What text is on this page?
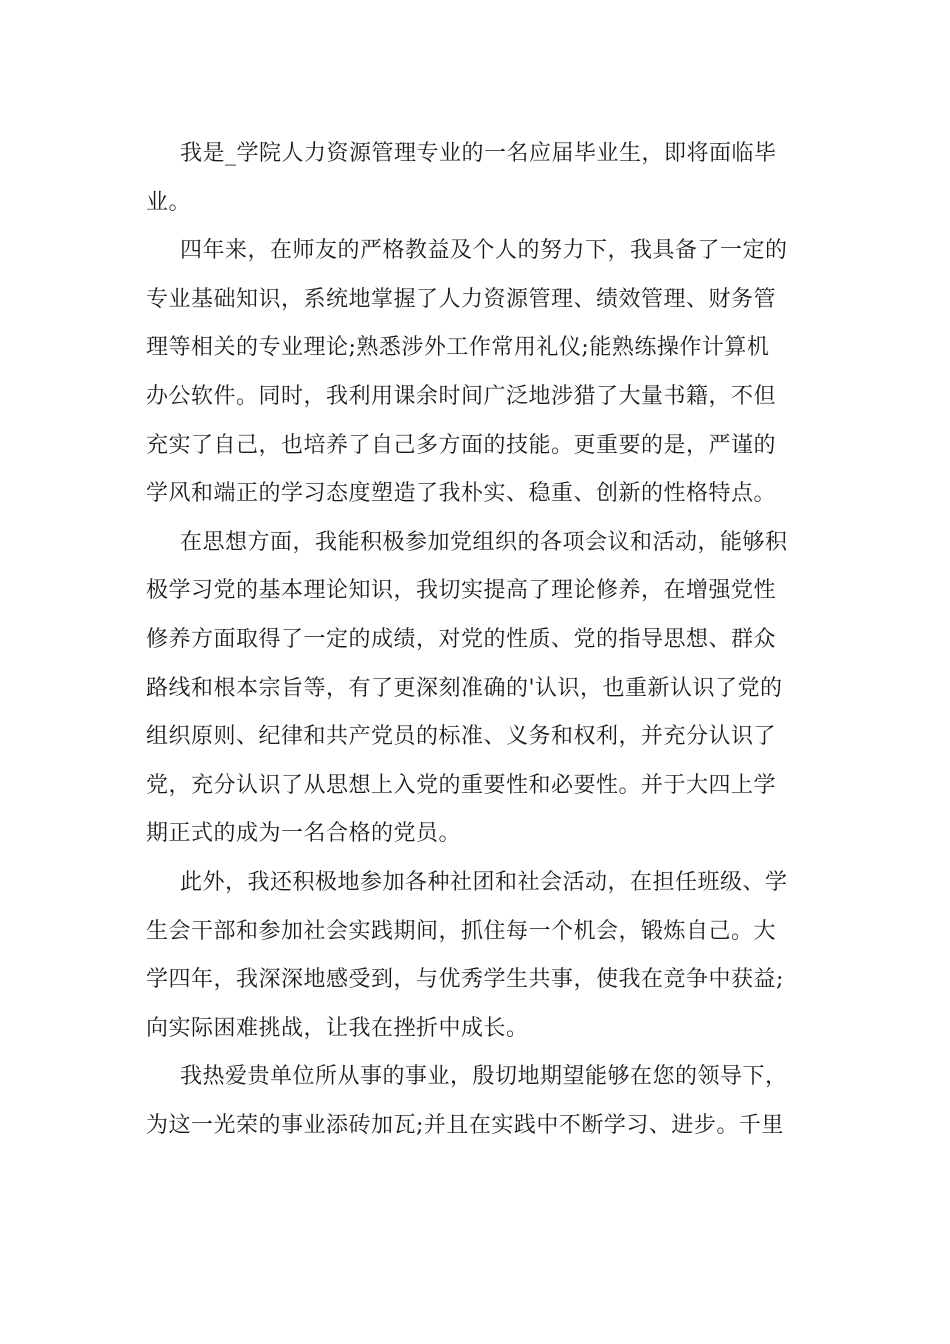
我是_学院人力资源管理专业的一名应届毕业生，即将面临毕
业。

四年来，在师友的严格教益及个人的努力下，我具备了一定的
专业基础知识，系统地掌握了人力资源管理、绩效管理、财务管
理等相关的专业理论;熟悉涉外工作常用礼仪;能熟练操作计算机
办公软件。同时，我利用课余时间广泛地涉猎了大量书籍，不但
充实了自己，也培养了自己多方面的技能。更重要的是，严谨的
学风和端正的学习态度塑造了我朴实、稳重、创新的性格特点。

在思想方面，我能积极参加党组织的各项会议和活动，能够积
极学习党的基本理论知识，我切实提高了理论修养，在增强党性
修养方面取得了一定的成绩，对党的性质、党的指导思想、群众
路线和根本宗旨等，有了更深刻准确的'认识，也重新认识了党的
组织原则、纪律和共产党员的标准、义务和权利，并充分认识了
党，充分认识了从思想上入党的重要性和必要性。并于大四上学
期正式的成为一名合格的党员。

此外，我还积极地参加各种社团和社会活动，在担任班级、学
生会干部和参加社会实践期间，抓住每一个机会，锻炼自己。大
学四年，我深深地感受到，与优秀学生共事，使我在竞争中获益;
向实际困难挑战，让我在挫折中成长。

我热爱贵单位所从事的事业，殷切地期望能够在您的领导下，
为这一光荣的事业添砖加瓦;并且在实践中不断学习、进步。千里
